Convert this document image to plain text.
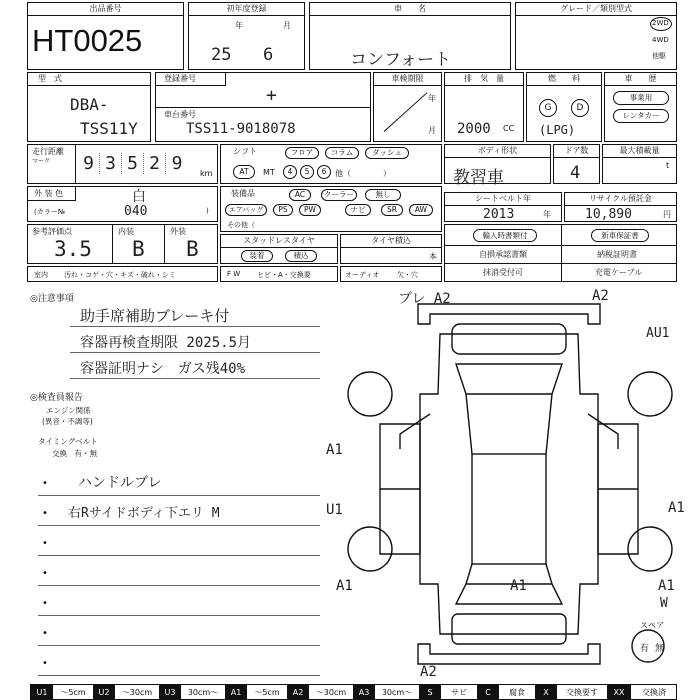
出品番号
HT0025
初年度登録
年	月
25 6
車　　名
コンフォート
グレード／類別型式
2WD
4WD
他駆
型　式
DBA-
TSS11Y
登録番号
+
車台番号
TSS11-9018078
車検期限
年
月
排　気　量
2000 CC
燃　　料
G	D
(LPG)
車　　歴
事業用
レンタカー
走行距離
マーク 9 3 5 2 9	km
シフト	フロア	コラム	ダッシュ
AT	MT	4	5	6	他（　　　　）
ボディ形状
教習車
ドア数
4
最大積載量
t
外 装 色	白
(カラー№	040	)
装備品	AC	クーラー	無し
エアバッグ	PS	PW	ナビ	SR	AW
その他（
シートベルト年
2013	年
リサイクル預託金
10,890	円
参考評価点	内装	外装
3.5 B B	スタッドレスタイヤ
装着	積込
タイヤ積込
本
輸入時書類付	新車保証書
自損承認書類	納税証明書
抹消受付可	充電ケーブル
室内 汚れ・コゲ・穴・キズ・破れ・シミ	F W ヒビ・A・交換要	オーディオ	欠・穴
◎注意事項
助手席補助ブレーキ付
容器再検査期限 2025.5月
容器証明ナシ　ガス残40%
◎検査員報告
エンジン関係
(異音・不調等)
タイミングベルト
交換　有・無
• ハンドルブレ
• 右Rサイドボディ下エリ M
•
•
•
•
•
ブレ A2	A2
AU1
A1
U1	A1
A1	A1	A1
W
A2
スペア
有 無
U1	～5cm	U2	～30cm	U3	30cm～	A1	～5cm	A2	～30cm	A3	30cm～	S	サビ	C	腐食	X	交換要す	XX	交換済
